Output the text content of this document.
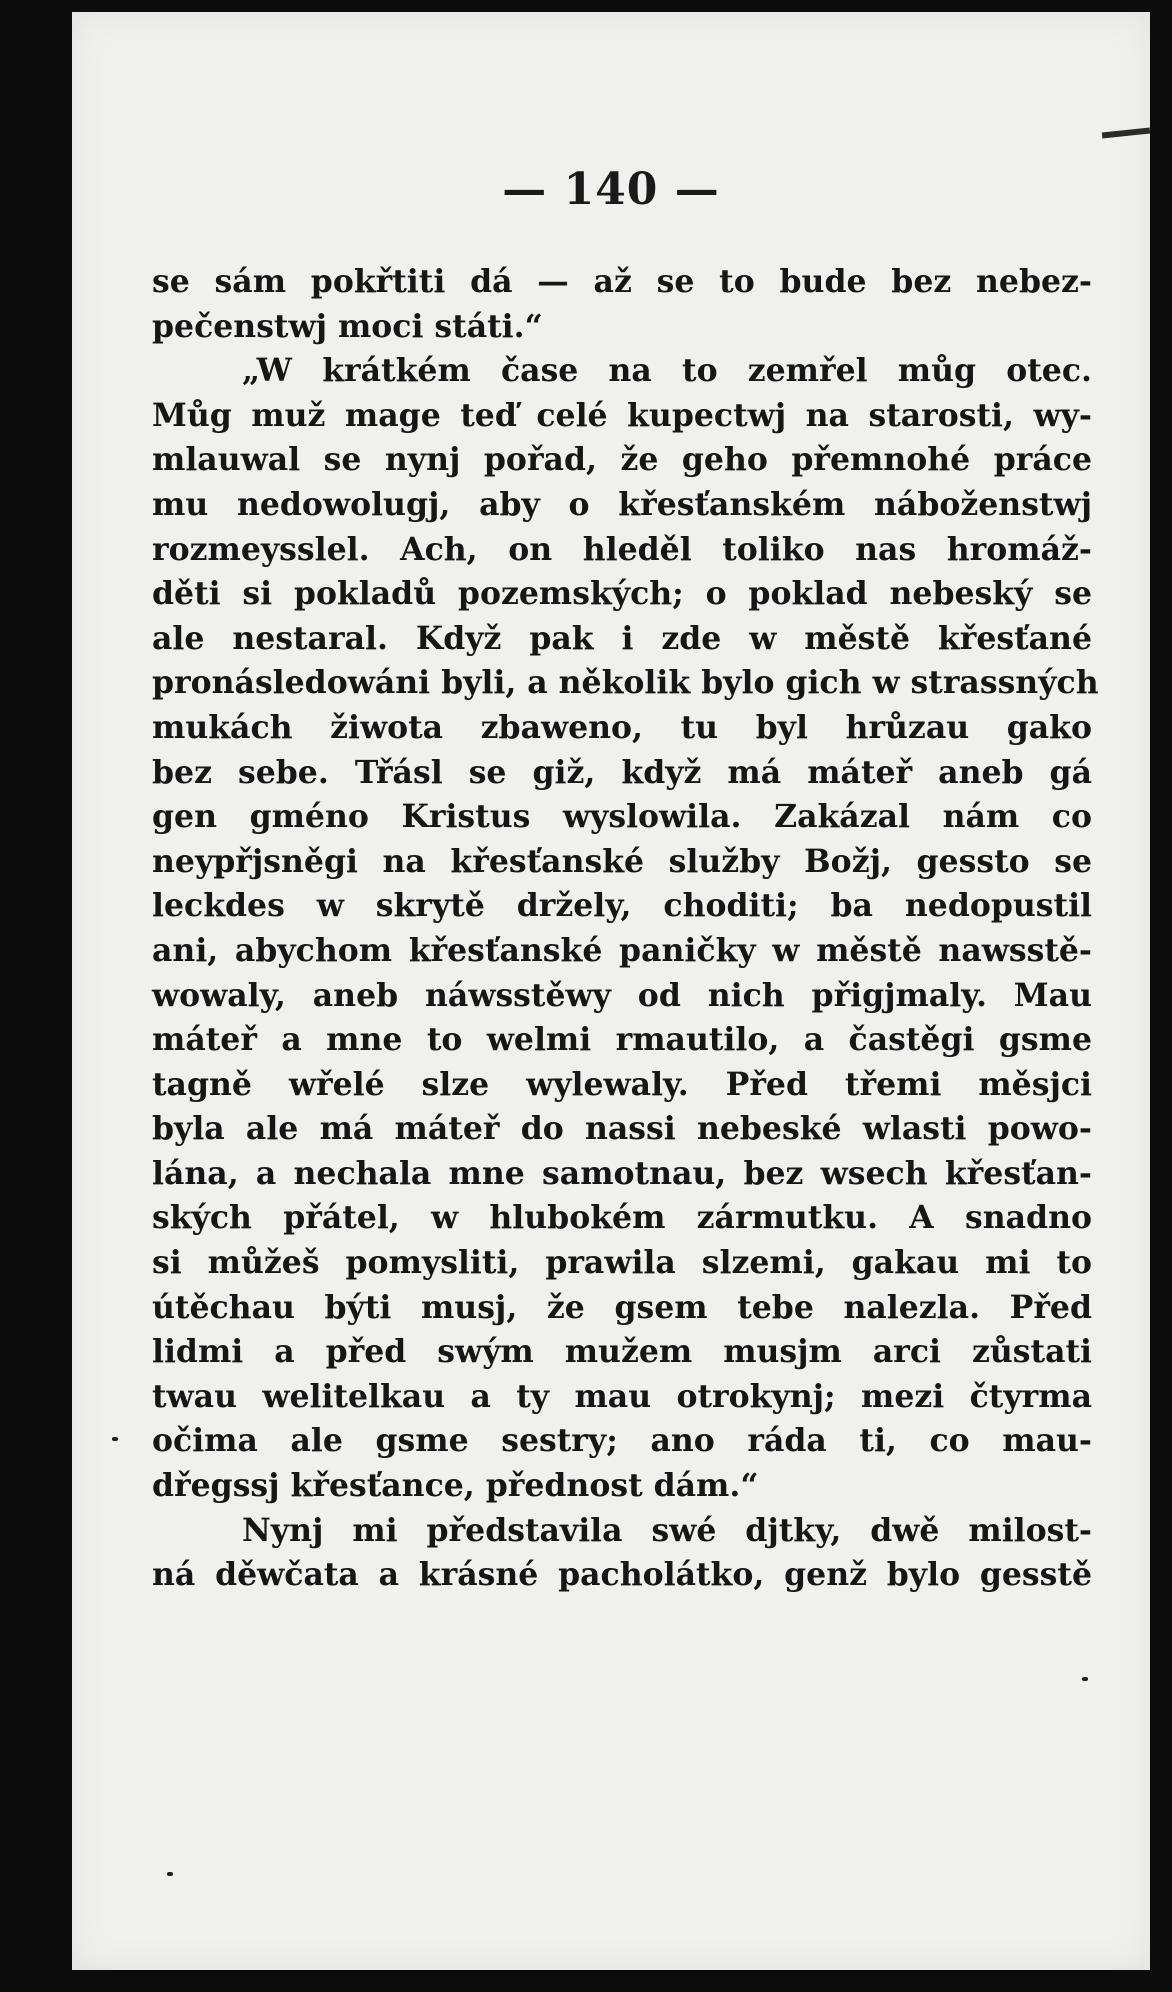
— 140 —
se sám pokřtiti dá — až se to bude bez nebez-
pečenstwj moci státi.“
„W krátkém čase na to zemřel můg otec.
Můg muž mage teď celé kupectwj na starosti, wy-
mlauwal se nynj pořad, že geho přemnohé práce
mu nedowolugj, aby o křesťanském náboženstwj
rozmeysslel. Ach, on hleděl toliko nas hromáž-
děti si pokladů pozemských; o poklad nebeský se
ale nestaral. Když pak i zde w městě křesťané
pronásledowáni byli, a několik bylo gich w strassných
mukách žiwota zbaweno, tu byl hrůzau gako
bez sebe. Třásl se giž, když má máteř aneb gá
gen gméno Kristus wyslowila. Zakázal nám co
neypřjsněgi na křesťanské služby Božj, gessto se
leckdes w skrytě držely, choditi; ba nedopustil
ani, abychom křesťanské paničky w městě nawsstě-
wowaly, aneb náwsstěwy od nich přigjmaly. Mau
máteř a mne to welmi rmautilo, a častěgi gsme
tagně wřelé slze wylewaly. Před třemi měsjci
byla ale má máteř do nassi nebeské wlasti powo-
lána, a nechala mne samotnau, bez wsech křesťan-
ských přátel, w hlubokém zármutku. A snadno
si můžeš pomysliti, prawila slzemi, gakau mi to
útěchau býti musj, že gsem tebe nalezla. Před
lidmi a před swým mužem musjm arci zůstati
twau welitelkau a ty mau otrokynj; mezi čtyrma
očima ale gsme sestry; ano ráda ti, co mau-
dřegssj křesťance, přednost dám.“
Nynj mi představila swé djtky, dwě milost-
ná děwčata a krásné pacholátko, genž bylo gesstě
